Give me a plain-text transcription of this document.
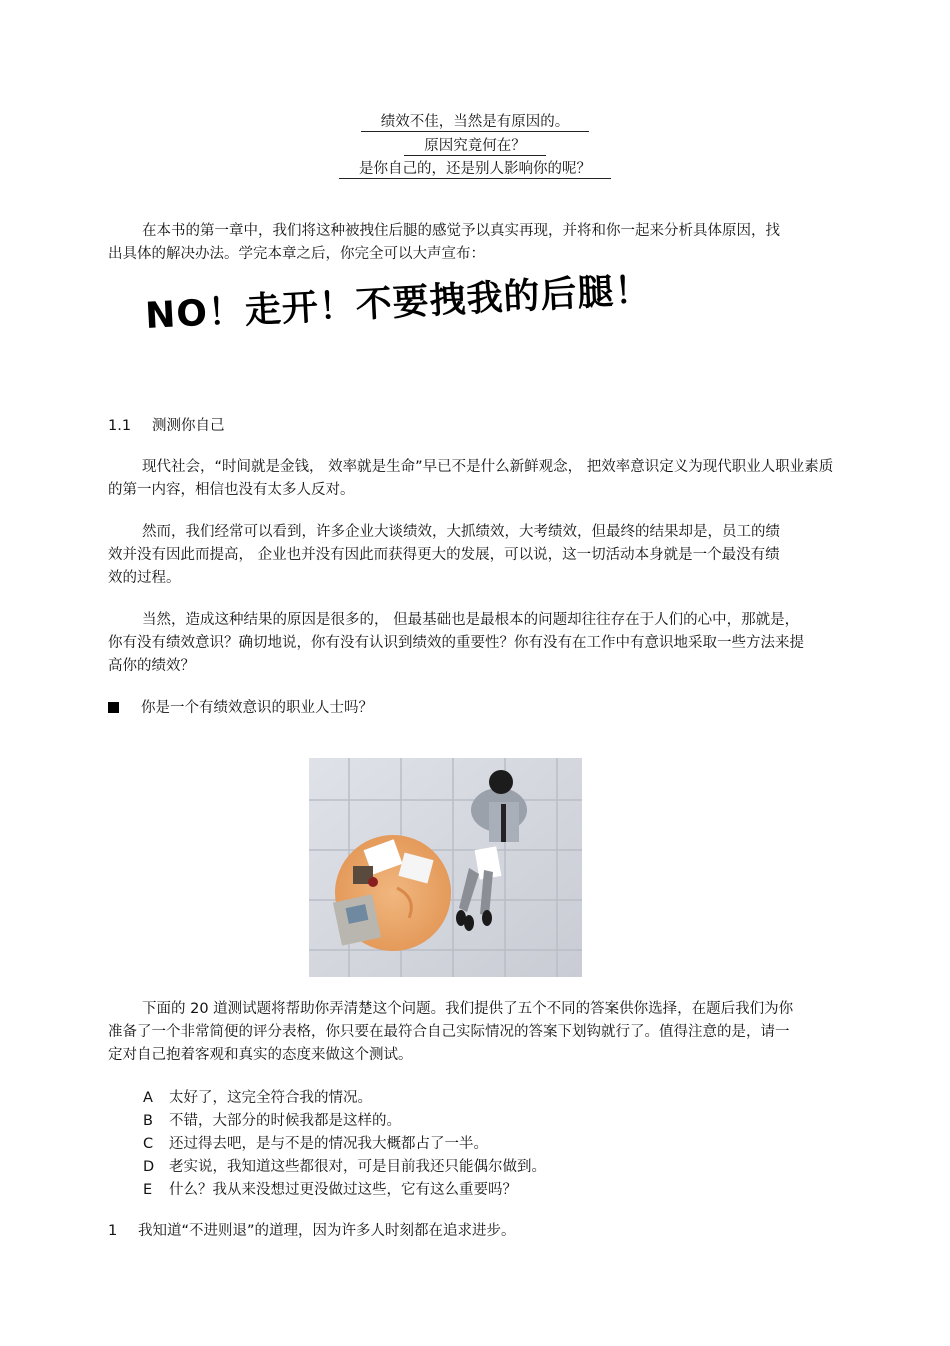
绩效不佳，当然是有原因的。
原因究竟何在？
是你自己的，还是别人影响你的呢？
在本书的第一章中，我们将这种被拽住后腿的感觉予以真实再现，并将和你一起来分析具体原因，找出具体的解决办法。学完本章之后，你完全可以大声宣布：
NO！走开！不要拽我的后腿！
1.1 测测你自己
现代社会，“时间就是金钱， 效率就是生命”早已不是什么新鲜观念， 把效率意识定义为现代职业人职业素质的第一内容，相信也没有太多人反对。
然而，我们经常可以看到，许多企业大谈绩效，大抓绩效，大考绩效，但最终的结果却是，员工的绩效并没有因此而提高， 企业也并没有因此而获得更大的发展，可以说，这一切活动本身就是一个最没有绩效的过程。
当然，造成这种结果的原因是很多的， 但最基础也是最根本的问题却往往存在于人们的心中，那就是，你有没有绩效意识？确切地说，你有没有认识到绩效的重要性？你有没有在工作中有意识地采取一些方法来提高你的绩效？
你是一个有绩效意识的职业人士吗？
下面的 20 道测试题将帮助你弄清楚这个问题。我们提供了五个不同的答案供你选择，在题后我们为你准备了一个非常简便的评分表格，你只要在最符合自己实际情况的答案下划钩就行了。值得注意的是，请一定对自己抱着客观和真实的态度来做这个测试。
A 太好了，这完全符合我的情况。
B 不错，大部分的时候我都是这样的。
C 还过得去吧，是与不是的情况我大概都占了一半。
D 老实说，我知道这些都很对，可是目前我还只能偶尔做到。
E 什么？我从来没想过更没做过这些，它有这么重要吗？
1 我知道“不进则退”的道理，因为许多人时刻都在追求进步。
